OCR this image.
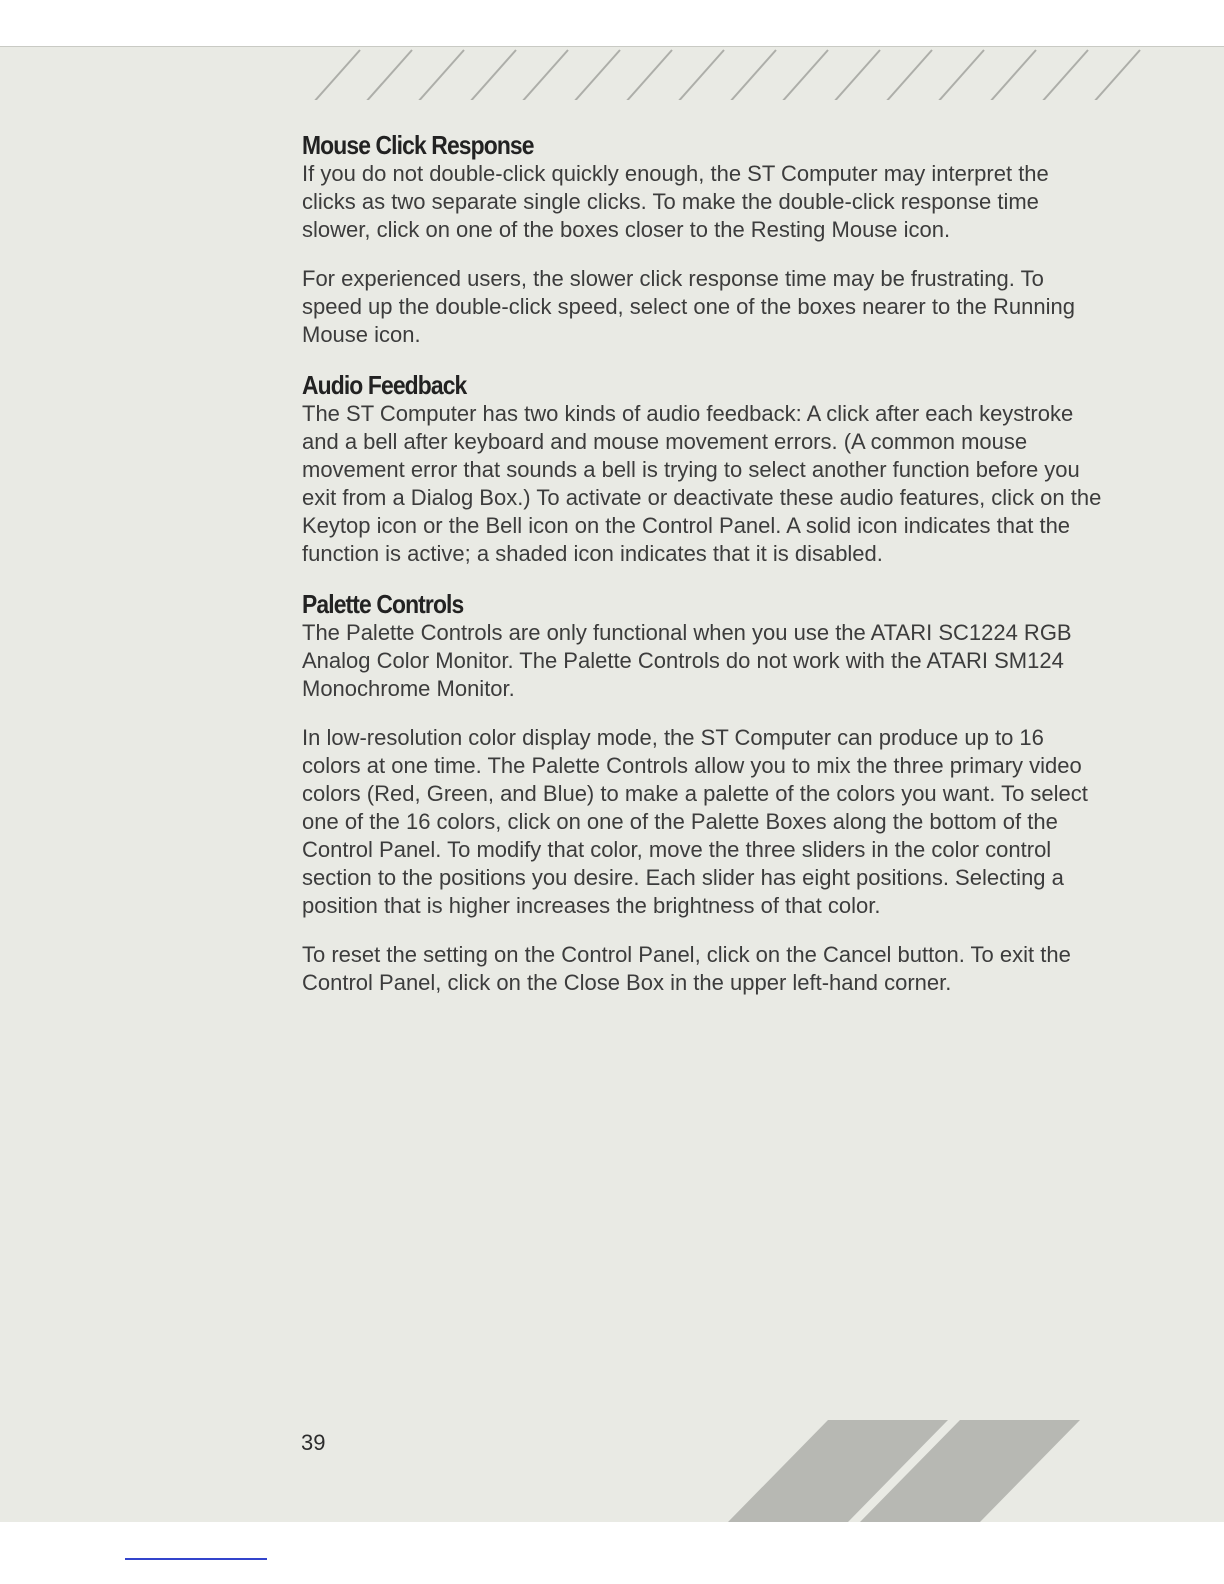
Mouse Click Response

If you do not double-click quickly enough, the ST Computer may interpret the clicks as two separate single clicks. To make the double-click response time slower, click on one of the boxes closer to the Resting Mouse icon.

For experienced users, the slower click response time may be frustrating. To speed up the double-click speed, select one of the boxes nearer to the Running Mouse icon.

Audio Feedback

The ST Computer has two kinds of audio feedback: A click after each keystroke and a bell after keyboard and mouse movement errors. (A common mouse movement error that sounds a bell is trying to select another function before you exit from a Dialog Box.) To activate or deactivate these audio features, click on the Keytop icon or the Bell icon on the Control Panel. A solid icon indicates that the function is active; a shaded icon indicates that it is disabled.

Palette Controls

The Palette Controls are only functional when you use the ATARI SC1224 RGB Analog Color Monitor. The Palette Controls do not work with the ATARI SM124 Monochrome Monitor.

In low-resolution color display mode, the ST Computer can produce up to 16 colors at one time. The Palette Controls allow you to mix the three primary video colors (Red, Green, and Blue) to make a palette of the colors you want. To select one of the 16 colors, click on one of the Palette Boxes along the bottom of the Control Panel. To modify that color, move the three sliders in the color control section to the positions you desire. Each slider has eight positions. Selecting a position that is higher increases the brightness of that color.

To reset the setting on the Control Panel, click on the Cancel button. To exit the Control Panel, click on the Close Box in the upper left-hand corner.

39
